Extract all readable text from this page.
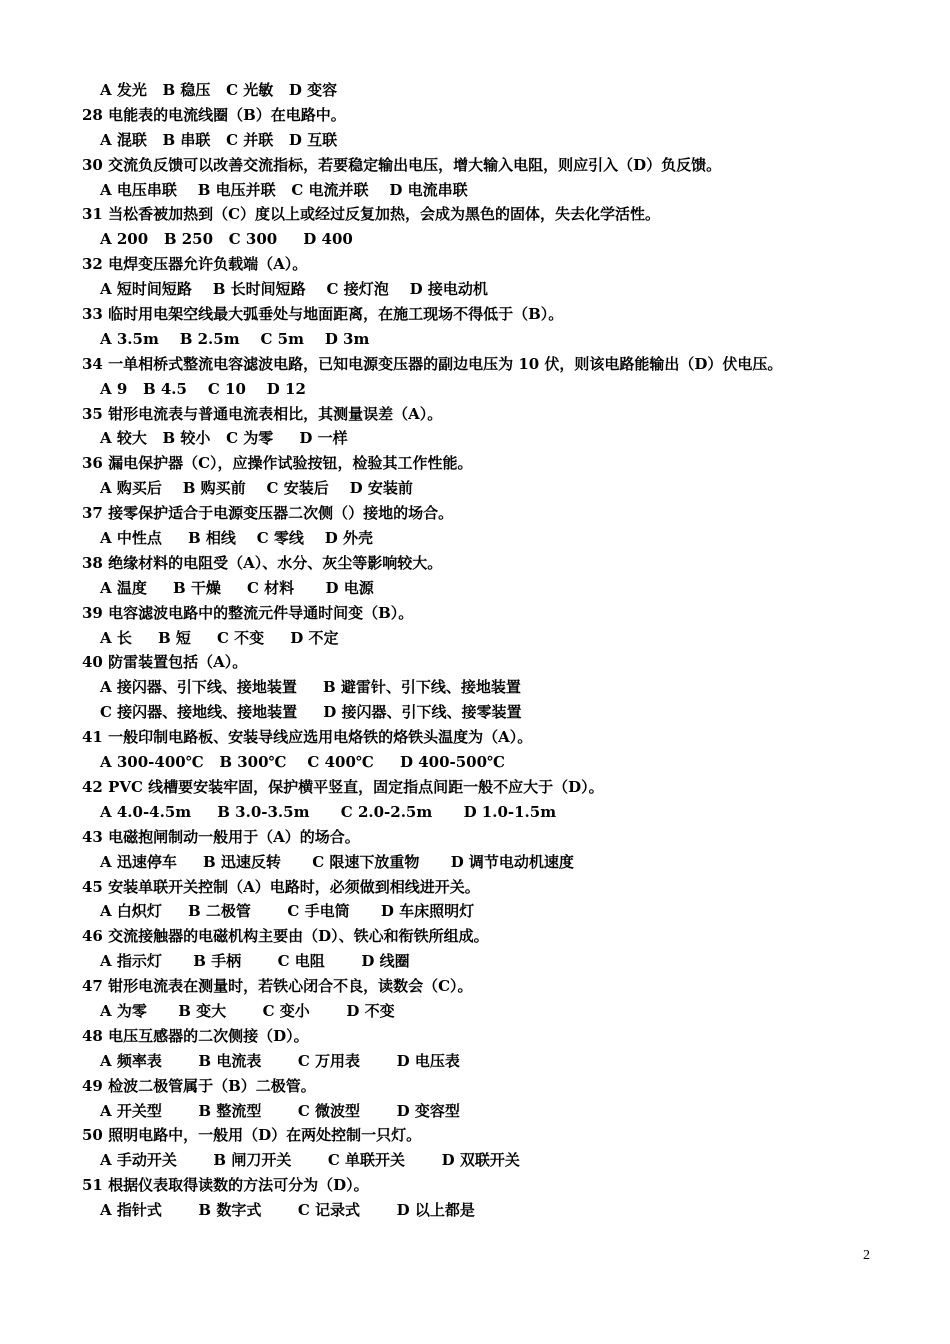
A 发光   B 稳压   C 光敏   D 变容
28 电能表的电流线圈（B）在电路中。
A 混联   B 串联   C 并联   D 互联
30 交流负反馈可以改善交流指标，若要稳定输出电压，增大输入电阻，则应引入（D）负反馈。
A 电压串联    B 电压并联   C 电流并联    D 电流串联
31 当松香被加热到（C）度以上或经过反复加热，会成为黑色的固体，失去化学活性。
A 200   B 250   C 300     D 400
32 电焊变压器允许负载端（A）。
A 短时间短路    B 长时间短路    C 接灯泡    D 接电动机
33 临时用电架空线最大弧垂处与地面距离，在施工现场不得低于（B）。
A 3.5m    B 2.5m    C 5m    D 3m
34 一单相桥式整流电容滤波电路，已知电源变压器的副边电压为 10 伏，则该电路能输出（D）伏电压。
A 9   B 4.5    C 10    D 12
35 钳形电流表与普通电流表相比，其测量误差（A）。
A 较大   B 较小   C 为零     D 一样
36 漏电保护器（C），应操作试验按钮，检验其工作性能。
A 购买后    B 购买前    C 安装后    D 安装前
37 接零保护适合于电源变压器二次侧（）接地的场合。
A 中性点     B 相线    C 零线    D 外壳
38 绝缘材料的电阻受（A）、水分、灰尘等影响较大。
A 温度     B 干燥     C 材料      D 电源
39 电容滤波电路中的整流元件导通时间变（B）。
A 长     B 短     C 不变     D 不定
40 防雷装置包括（A）。
A 接闪器、引下线、接地装置     B 避雷针、引下线、接地装置
C 接闪器、接地线、接地装置     D 接闪器、引下线、接零装置
41 一般印制电路板、安装导线应选用电烙铁的烙铁头温度为（A）。
A 300-400℃   B 300℃    C 400℃     D 400-500℃
42 PVC 线槽要安装牢固，保护横平竖直，固定指点间距一般不应大于（D）。
A 4.0-4.5m     B 3.0-3.5m      C 2.0-2.5m      D 1.0-1.5m
43 电磁抱闸制动一般用于（A）的场合。
A 迅速停车     B 迅速反转      C 限速下放重物      D 调节电动机速度
45 安装单联开关控制（A）电路时，必须做到相线进开关。
A 白炽灯     B 二极管       C 手电筒      D 车床照明灯
46 交流接触器的电磁机构主要由（D）、铁心和衔铁所组成。
A 指示灯      B 手柄       C 电阻       D 线圈
47 钳形电流表在测量时，若铁心闭合不良，读数会（C）。
A 为零      B 变大       C 变小       D 不变
48 电压互感器的二次侧接（D）。
A 频率表       B 电流表       C 万用表       D 电压表
49 检波二极管属于（B）二极管。
A 开关型       B 整流型       C 微波型       D 变容型
50 照明电路中，一般用（D）在两处控制一只灯。
A 手动开关       B 闸刀开关       C 单联开关       D 双联开关
51 根据仪表取得读数的方法可分为（D）。
A 指针式       B 数字式       C 记录式       D 以上都是
2
